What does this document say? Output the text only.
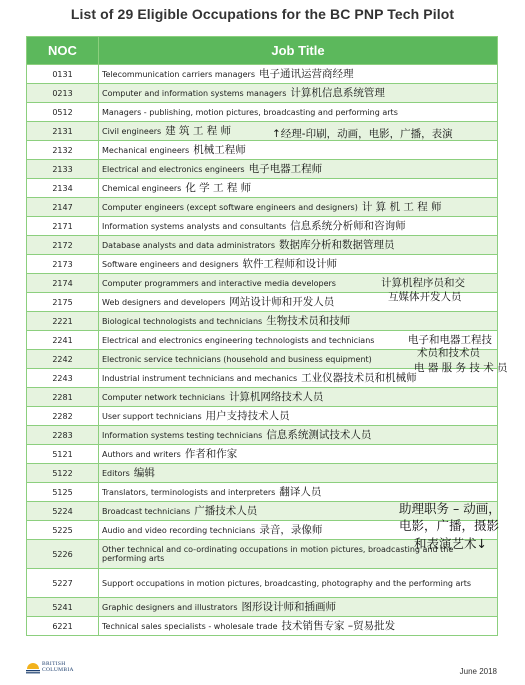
List of 29 Eligible Occupations for the BC PNP Tech Pilot
NOC	Job Title
0131	Telecommunication carriers managers 电子通讯运营商经理
0213	Computer and information systems managers 计算机信息系统管理
0512	Managers - publishing, motion pictures, broadcasting and performing arts
2131	Civil engineers 建 筑 工 程 师
2132	Mechanical engineers 机械工程师
2133	Electrical and electronics engineers 电子电器工程师
2134	Chemical engineers 化 学 工 程 师
2147	Computer engineers (except software engineers and designers) 计 算 机 工 程 师
2171	Information systems analysts and consultants 信息系统分析师和咨询师
2172	Database analysts and data administrators 数据库分析和数据管理员
2173	Software engineers and designers 软件工程师和设计师
2174	Computer programmers and interactive media developers
2175	Web designers and developers 网站设计师和开发人员
2221	Biological technologists and technicians 生物技术员和技师
2241	Electrical and electronics engineering technologists and technicians
2242	Electronic service technicians (household and business equipment)
2243	Industrial instrument technicians and mechanics 工业仪器技术员和机械师
2281	Computer network technicians 计算机网络技术人员
2282	User support technicians 用户支持技术人员
2283	Information systems testing technicians 信息系统测试技术人员
5121	Authors and writers 作者和作家
5122	Editors 编辑
5125	Translators, terminologists and interpreters 翻译人员
5224	Broadcast technicians 广播技术人员
5225	Audio and video recording technicians 录音，录像师
5226	Other technical and co-ordinating occupations in motion pictures, broadcasting and the performing arts
5227	Support occupations in motion pictures, broadcasting, photography and the performing arts
5241	Graphic designers and illustrators 图形设计师和插画师
6221	Technical sales specialists - wholesale trade 技术销售专家 –贸易批发
↑经理-印刷，动画，电影，广播，表演
计算机程序员和交
互媒体开发人员
电子和电器工程技
术员和技术员
电 器 服 务 技 术 员
助理职务 – 动画，
电影，广播，摄影
和表演艺术↓
BRITISH
COLUMBIA	June 2018
